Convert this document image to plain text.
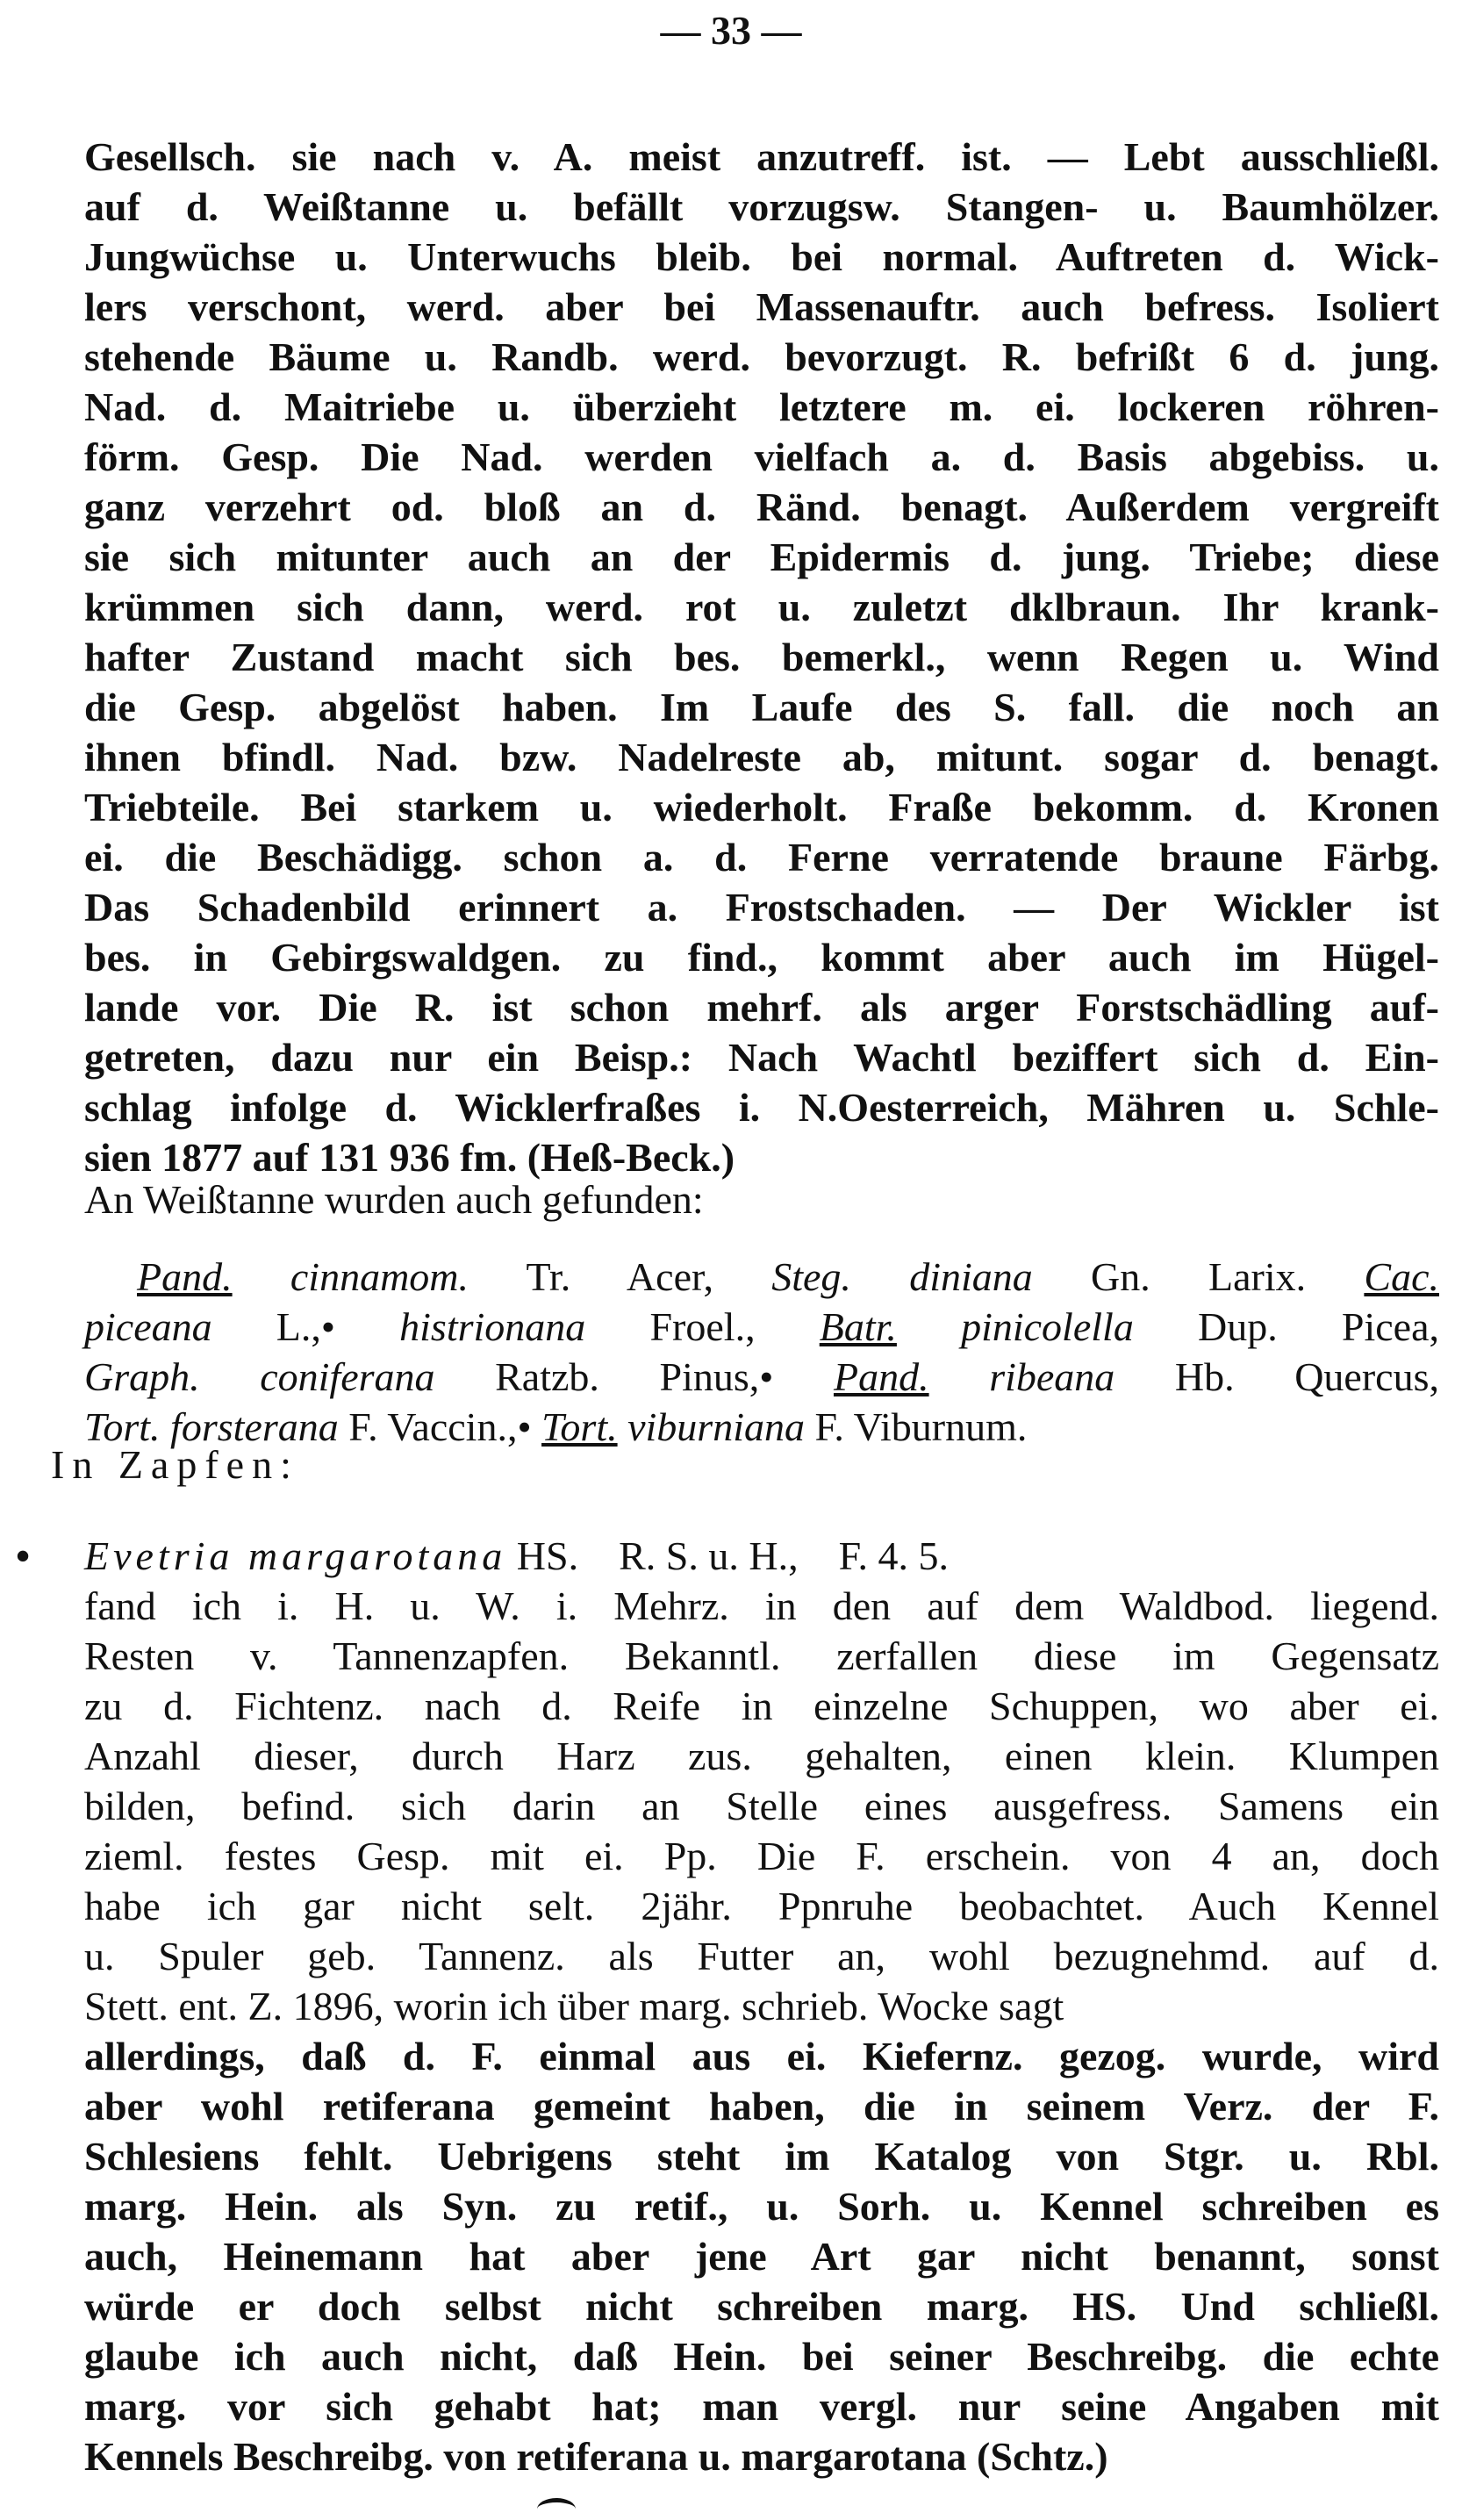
— 33 —
Gesellsch. sie nach v. A. meist anzutreff. ist. — Lebt ausschließl.
auf d. Weißtanne u. befällt vorzugsw. Stangen- u. Baumhölzer.
Jungwüchse u. Unterwuchs bleib. bei normal. Auftreten d. Wick-
lers verschont, werd. aber bei Massenauftr. auch befress. Isoliert
stehende Bäume u. Randb. werd. bevorzugt. R. befrißt 6 d. jung.
Nad. d. Maitriebe u. überzieht letztere m. ei. lockeren röhren-
förm. Gesp. Die Nad. werden vielfach a. d. Basis abgebiss. u.
ganz verzehrt od. bloß an d. Ränd. benagt. Außerdem vergreift
sie sich mitunter auch an der Epidermis d. jung. Triebe; diese
krümmen sich dann, werd. rot u. zuletzt dklbraun. Ihr krank-
hafter Zustand macht sich bes. bemerkl., wenn Regen u. Wind
die Gesp. abgelöst haben. Im Laufe des S. fall. die noch an
ihnen bfindl. Nad. bzw. Nadelreste ab, mitunt. sogar d. benagt.
Triebteile. Bei starkem u. wiederholt. Fraße bekomm. d. Kronen
ei. die Beschädigg. schon a. d. Ferne verratende braune Färbg.
Das Schadenbild erinnert a. Frostschaden. — Der Wickler ist
bes. in Gebirgswaldgen. zu find., kommt aber auch im Hügel-
lande vor. Die R. ist schon mehrf. als arger Forstschädling auf-
getreten, dazu nur ein Beisp.: Nach Wachtl beziffert sich d. Ein-
schlag infolge d. Wicklerfraßes i. N.Oesterreich, Mähren u. Schle-
sien 1877 auf 131 936 fm. (Heß-Beck.)
An Weißtanne wurden auch gefunden:
Pand. cinnamom. Tr. Acer, Steg. diniana Gn. Larix. Cac.
piceana L.,• histrionana Froel., Batr. pinicolella Dup. Picea,
Graph. coniferana Ratzb. Pinus,• Pand. ribeana Hb. Quercus,
Tort. forsterana F. Vaccin.,• Tort. viburniana F. Viburnum.
In Zapfen:
Evetria margarotana HS.    R. S. u. H.,    F. 4. 5.
•
fand ich i. H. u. W. i. Mehrz. in den auf dem Waldbod. liegend.
Resten v. Tannenzapfen. Bekanntl. zerfallen diese im Gegensatz
zu d. Fichtenz. nach d. Reife in einzelne Schuppen, wo aber ei.
Anzahl dieser, durch Harz zus. gehalten, einen klein. Klumpen
bilden, befind. sich darin an Stelle eines ausgefress. Samens ein
zieml. festes Gesp. mit ei. Pp. Die F. erschein. von 4 an, doch
habe ich gar nicht selt. 2jähr. Ppnruhe beobachtet. Auch Kennel
u. Spuler geb. Tannenz. als Futter an, wohl bezugnehmd. auf d.
Stett. ent. Z. 1896, worin ich über marg. schrieb. Wocke sagt
allerdings, daß d. F. einmal aus ei. Kiefernz. gezog. wurde, wird
aber wohl retiferana gemeint haben, die in seinem Verz. der F.
Schlesiens fehlt. Uebrigens steht im Katalog von Stgr. u. Rbl.
marg. Hein. als Syn. zu retif., u. Sorh. u. Kennel schreiben es
auch, Heinemann hat aber jene Art gar nicht benannt, sonst
würde er doch selbst nicht schreiben marg. HS. Und schließl.
glaube ich auch nicht, daß Hein. bei seiner Beschreibg. die echte
marg. vor sich gehabt hat; man vergl. nur seine Angaben mit
Kennels Beschreibg. von retiferana u. margarotana (Schtz.)
